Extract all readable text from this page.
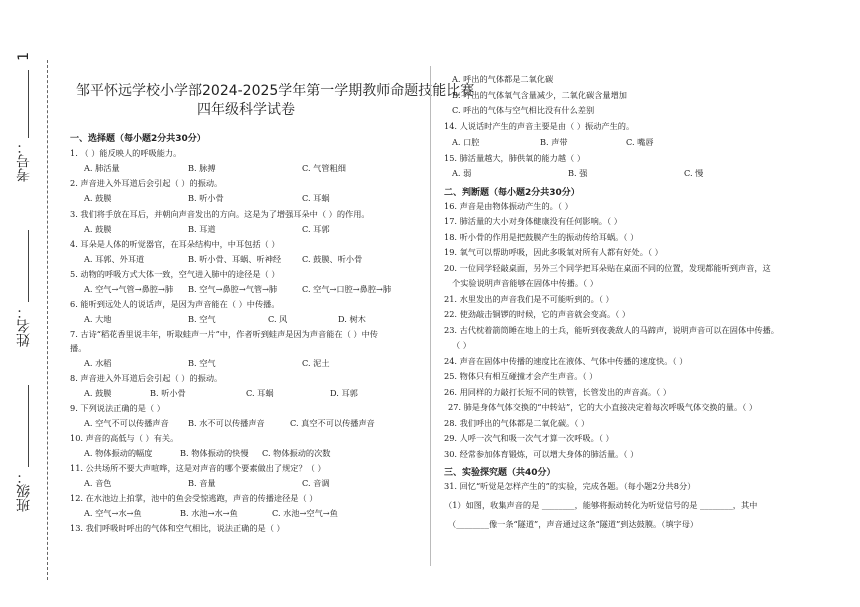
1
考号：
姓名：
班级：
邹平怀远学校小学部2024-2025学年第一学期教师命题技能比赛
四年级科学试卷
一、选择题（每小题2分共30分）
1. （ ）能反映人的呼吸能力。
2. 声音进入外耳道后会引起（ ）的振动。
3. 我们将手放在耳后，并朝向声音发出的方向。这是为了增强耳朵中（ ）的作用。
4. 耳朵是人体的听觉器官，在耳朵结构中，中耳包括（ ）
5. 动物的呼吸方式大体一致，空气进入肺中的途径是（ ）
6. 能听到远处人的说话声，是因为声音能在（ ）中传播。
7. 古诗“稻花香里说丰年，听取蛙声一片”中，作者听到蛙声是因为声音能在（ ）中传
播。
8. 声音进入外耳道后会引起（ ）的振动。
9. 下列说法正确的是（ ）
10. 声音的高低与（ ）有关。
11. 公共场所不要大声喧哗，这是对声音的哪个要素做出了规定？（ ）
12. 在水池边上拍掌，池中的鱼会受惊逃跑，声音的传播途径是（ ）
13. 我们呼吸时呼出的气体和空气相比，说法正确的是（ ）
A. 肺活量	B. 脉搏	C. 气管粗细
A. 鼓膜	B. 听小骨	C. 耳蜗
A. 鼓膜	B. 耳道	C. 耳郭
A. 耳郭、外耳道	B. 听小骨、耳蜗、听神经	C. 鼓膜、听小骨
A. 空气→气管→鼻腔→肺 B. 空气→鼻腔→气管→肺	C. 空气→口腔→鼻腔→肺
A. 大地	B. 空气	C. 风	D. 树木
A. 水稻	B. 空气	C. 泥土
A. 鼓膜	B. 听小骨	C. 耳蜗	D. 耳郭
A. 空气不可以传播声音 B. 水不可以传播声音	C. 真空不可以传播声音
A. 物体振动的幅度	B. 物体振动的快慢 C. 物体振动的次数
A. 音色	B. 音量	C. 音调
A. 空气→水→鱼	B. 水池→水→鱼	C. 水池→空气→鱼
二、判断题（每小题2分共30分）
三、实验探究题（共40分）
A. 呼出的气体都是二氧化碳
B. 呼出的气体氧气含量减少，二氧化碳含量增加
C. 呼出的气体与空气相比没有什么差别
14. 人说话时产生的声音主要是由（ ）振动产生的。
15. 肺活量越大，肺供氧的能力越（ ）
16. 声音是由物体振动产生的。（ ）
17. 肺活量的大小对身体健康没有任何影响。（ ）
18. 听小骨的作用是把鼓膜产生的振动传给耳蜗。（ ）
19. 氧气可以帮助呼吸，因此多吸氧对所有人都有好处。（ ）
20. 一位同学轻敲桌面，另外三个同学把耳朵贴在桌面不同的位置，发现都能听到声音，这
个实验说明声音能够在固体中传播。（ ）
21. 水里发出的声音我们是不可能听到的。（ ）
22. 使劲敲击铜锣的时候，它的声音就会变高。（ ）
23. 古代枕着箭筒睡在地上的士兵，能听到夜袭敌人的马蹄声，说明声音可以在固体中传播。
（ ）
24. 声音在固体中传播的速度比在液体、气体中传播的速度快。（ ）
25. 物体只有相互碰撞才会产生声音。（ ）
26. 用同样的力敲打长短不同的铁管，长管发出的声音高。（ ）
27. 肺是身体气体交换的“中转站”，它的大小直接决定着每次呼吸气体交换的量。（ ）
28. 我们呼出的气体都是二氧化碳。（ ）
29. 人呼一次气和吸一次气才算一次呼吸。（ ）
30. 经常参加体育锻炼，可以增大身体的肺活量。（ ）
31. 回忆“听觉是怎样产生的”的实验，完成各题。（每小题2分共8分）
（1）如图，收集声音的是 ________，能够将振动转化为听觉信号的是 ________，其中
（________像一条“隧道”，声音通过这条“隧道”到达鼓膜。（填字母）
A. 口腔	B. 声带	C. 嘴唇
A. 弱	B. 强	C. 慢
